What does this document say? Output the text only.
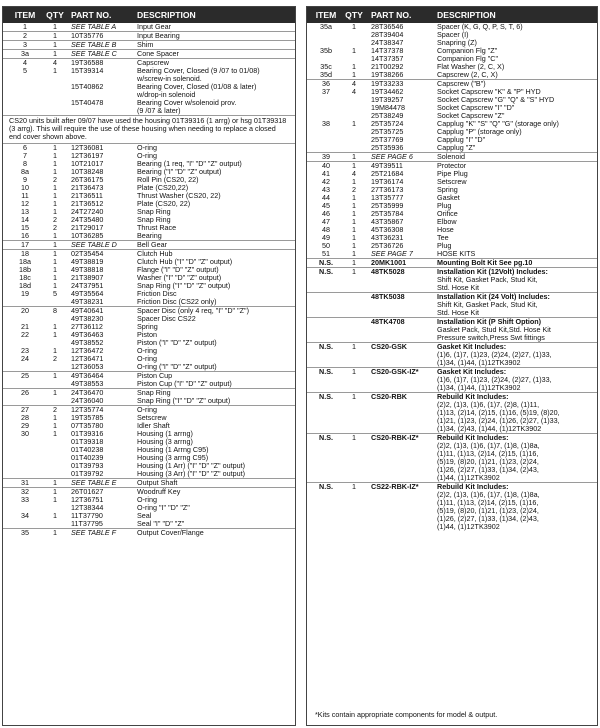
ITEM	QTY PART NO.	DESCRIPTION
1	1	SEE TABLE A	Input Gear
2	1	10T35776	Input Bearing
3	1	SEE TABLE B	Shim
3a	1	SEE TABLE C	Cone Spacer
4	4	19T36588	Capscrew
5	1	15T39314	Bearing Cover, Closed (9 /07 to 01/08)
w/screw-in solenoid.
15T40862	Bearing Cover, Closed (01/08 & later)
w/drop-in solenoid
15T40478	Bearing Cover w/solenoid prov.
(9 /07 & later)
CS20 units built after 09/07 have used the housing 01T39316 (1 arrg) or hsg 01T39318 (3 arrg). This will require the use of these housing when needing to replace a closed end cover shown above.
6	1	12T36081	O-ring
7	1	12T36197	O-ring
8	1	10T21017	Bearing (1 req, "I" "D" "Z" output)
8a	1	10T38248	Bearing ("I" "D" "Z" output)
9	2	26T36175	Roll Pin (CS20, 22)
10	1	21T36473	Plate (CS20,22)
11	1	21T36511	Thrust Washer (CS20, 22)
12	1	21T36512	Plate (CS20, 22)
13	1	24T27240	Snap Ring
14	2	24T35480	Snap Ring
15	2	21T29017	Thrust Race
16	1	10T36285	Bearing
17	1	SEE TABLE D	Bell Gear
18	1	02T35454	Clutch Hub
18a	1	49T38819	Clutch Hub ("I" "D" "Z" output)
18b	1	49T38818	Flange ("I" "D" "Z" output)
18c	1	21T38907	Washer ("I" "D" "Z" output)
18d	1	24T37951	Snap Ring ("I" "D" "Z" output)
19	5	49T35564	Friction Disc
49T38231	Friction Disc (CS22 only)
20	8	49T40641	Spacer Disc (only 4 req, "I" "D" "Z")
49T38230	Spacer Disc CS22
21	1	27T36112	Spring
22	1	49T36463	Piston
49T38552	Piston ("I" "D" "Z" output)
23	1	12T36472	O-ring
24	2	12T36471	O-ring
12T36053	O-ring ("I" "D" "Z" output)
25	1	49T36464	Piston Cup
49T38553	Piston Cup ("I" "D" "Z" output)
26	1	24T36470	Snap Ring
24T36040	Snap Ring ("I" "D" "Z" output)
27	2	12T35774	O-ring
28	1	19T35785	Setscrew
29	1	07T35780	Idler Shaft
30	1	01T39316	Housing (1 arrng)
01T39318	Housing (3 arrng)
01T40238	Housing (1 Arrng C95)
01T40239	Housing (3 arrng C95)
01T39793	Housing (1 Arr) ("I" "D" "Z" output)
01T39792	Housing (3 Arr) ("I" "D" "Z" output)
31	1	SEE TABLE E	Output Shaft
32	1	26T01627	Woodruff Key
33	1	12T36751	O-ring
12T38344	O-ring "I" "D" "Z"
34	1	11T37790	Seal
11T37795	Seal "I" "D" "Z"
35	1	SEE TABLE F	Output Cover/Flange
ITEM	QTY PART NO.	DESCRIPTION
35a	1	28T36546	Spacer (K, G, Q, P, S, T, 6)
28T39404	Spacer (I)
24T38347	Snapring (Z)
35b	1	14T37378	Companion Flg "Z"
14T37357	Companion Flg "C"
35c	1	21T00292	Flat Washer (2, C, X)
35d	1	19T38266	Capscrew (2, C, X)
36	4	19T33233	Capscrew ("B")
37	4	19T34462	Socket Capscrew "K" & "P" HYD
19T39257	Socket Capscrew "G" "Q" & "S" HYD
19M84478	Socket Capscrew "I" "D"
25T38249	Socket Capscrew "Z"
38	1	25T35724	Capplug "K" "S" "Q" "G" (storage only)
25T35725	Capplug "P" (storage only)
25T37769	Capplug "I" "D"
25T35936	Capplug "Z"
39	1	SEE PAGE 6	Solenoid
40	1	49T39511	Protector
41	4	25T21684	Pipe Plug
42	1	19T36174	Setscrew
43	2	27T36173	Spring
44	1	13T35777	Gasket
45	1	25T35999	Plug
46	1	25T35784	Orifice
47	1	43T35867	Elbow
48	1	45T36308	Hose
49	1	43T36231	Tee
50	1	25T36726	Plug
51	1	SEE PAGE 7	HOSE KITS
N.S.	1	20MK1001	Mounting Bolt Kit See pg.10
N.S.	1	48TK5028	Installation Kit (12Volt) Includes:
Shift Kit, Gasket Pack, Stud Kit,
Std. Hose Kit
48TK5038	Installation Kit (24 Volt) Includes:
Shift Kit, Gasket Pack, Stud Kit,
Std. Hose Kit
48TK4708	Installation Kit (P Shift Option)
Gasket Pack, Stud Kit,Std. Hose Kit
Pressure switch,Press Swt fittings
N.S.	1	CS20-GSK	Gasket Kit Includes:
(1)6, (1)7, (1)23, (2)24, (2)27, (1)33,
(1)34, (1)44, (1)12TK3902
N.S.	1	CS20-GSK-IZ*	Gasket Kit Includes:
(1)6, (1)7, (1)23, (2)24, (2)27, (1)33,
(1)34, (1)44, (1)12TK3902
N.S.	1	CS20-RBK	Rebuild Kit Includes:
(2)2, (1)3, (1)6, (1)7, (2)8, (1)11,
(1)13, (2)14, (2)15, (1)16, (5)19, (8)20,
(1)21, (1)23, (2)24, (1)26, (2)27, (1)33,
(1)34, (2)43, (1)44, (1)12TK3902
N.S.	1	CS20-RBK-IZ*	Rebuild Kit Includes:
(2)2, (1)3, (1)6, (1)7, (1)8, (1)8a,
(1)11, (1)13, (2)14, (2)15, (1)16,
(5)19, (8)20, (1)21, (1)23, (2)24,
(1)26, (2)27, (1)33, (1)34, (2)43,
(1)44, (1)12TK3902
N.S.	1	CS22-RBK-IZ*	Rebuild Kit Includes:
(2)2, (1)3, (1)6, (1)7, (1)8, (1)8a,
(1)11, (1)13, (2)14, (2)15, (1)16,
(5)19, (8)20, (1)21, (1)23, (2)24,
(1)26, (2)27, (1)33, (1)34, (2)43,
(1)44, (1)12TK3902
*Kits contain appropriate components for model & output.
